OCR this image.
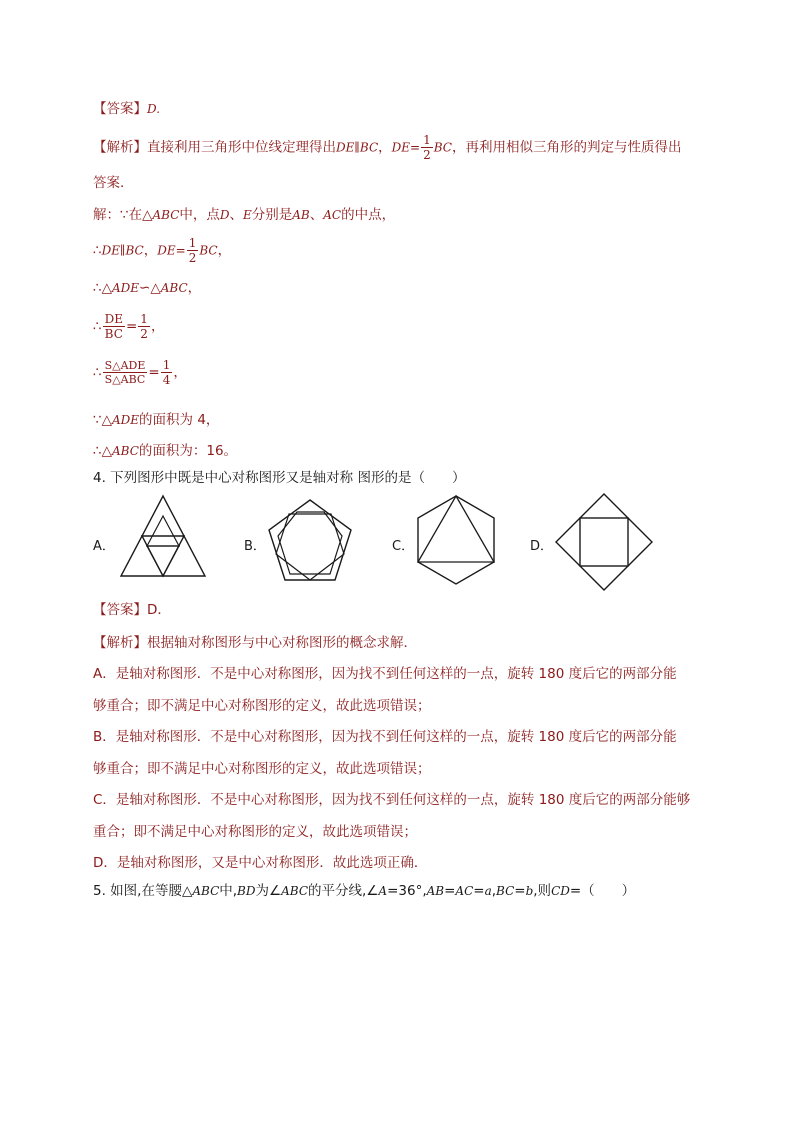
【答案】D.
【解析】直接利用三角形中位线定理得出DE∥BC，$DE= \frac{1}{2}$ BC，再利用相似三角形的判定与性质得出
答案.
解：∵在△ABC中，点D、E分别是AB、AC的中点，
∴DE∥BC，$DE= \frac{1}{2}$ BC，
∴△ADE∽△ABC，
∴ $\frac{DE}{BC} = \frac{1}{2}$ ，
∴ $\frac{\text{S△ADE}}{\text{S△ABC}} = \frac{1}{4}$ ，
∵△ADE的面积为 4，
∴△ABC的面积为：16。
4. 下列图形中既是中心对称图形又是轴对称 图形的是（　　）
A．	B．	C．	D．
【答案】D．
【解析】根据轴对称图形与中心对称图形的概念求解．
A．是轴对称图形．不是中心对称图形，因为找不到任何这样的一点，旋转 180 度后它的两部分能
够重合；即不满足中心对称图形的定义，故此选项错误；
B．是轴对称图形．不是中心对称图形，因为找不到任何这样的一点，旋转 180 度后它的两部分能
够重合；即不满足中心对称图形的定义，故此选项错误；
C．是轴对称图形．不是中心对称图形，因为找不到任何这样的一点，旋转 180 度后它的两部分能够
重合；即不满足中心对称图形的定义，故此选项错误；
D．是轴对称图形，又是中心对称图形．故此选项正确．
5. 如图,在等腰△ABC中,BD为∠ABC的平分线,∠A=36°,AB=AC=a,BC=b,则CD=（　　）
